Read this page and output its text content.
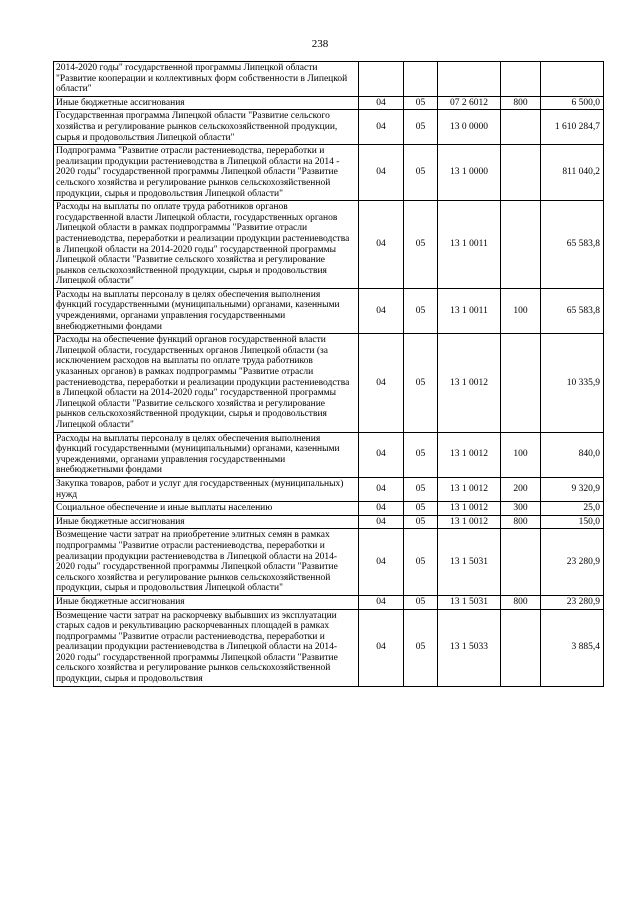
238
2014-2020 годы" государственной программы Липецкой области "Развитие кооперации и коллективных форм собственности в Липецкой области"					
Иные бюджетные ассигнования	04	05	07 2 6012	800	6 500,0
Государственная программа Липецкой области "Развитие сельского хозяйства и регулирование рынков сельскохозяйственной продукции, сырья и продовольствия Липецкой области"	04	05	13 0 0000		1 610 284,7
Подпрограмма "Развитие отрасли растениеводства, переработки и реализации продукции растениеводства в Липецкой области на 2014 - 2020 годы" государственной программы Липецкой области "Развитие сельского хозяйства и регулирование рынков сельскохозяйственной продукции, сырья и продовольствия Липецкой области"	04	05	13 1 0000		811 040,2
Расходы на выплаты по оплате труда работников органов государственной власти Липецкой области, государственных органов Липецкой области в рамках подпрограммы "Развитие отрасли растениеводства, переработки и реализации продукции растениеводства в Липецкой области на 2014-2020 годы" государственной программы Липецкой области "Развитие сельского хозяйства и регулирование рынков сельскохозяйственной продукции, сырья и продовольствия Липецкой области"	04	05	13 1 0011		65 583,8
Расходы на выплаты персоналу в целях обеспечения выполнения функций государственными (муниципальными) органами, казенными учреждениями, органами управления государственными внебюджетными фондами	04	05	13 1 0011	100	65 583,8
Расходы на обеспечение функций органов государственной власти Липецкой области, государственных органов Липецкой области (за исключением расходов на выплаты по оплате труда работников указанных органов) в рамках подпрограммы "Развитие отрасли растениеводства, переработки и реализации продукции растениеводства в Липецкой области на 2014-2020 годы" государственной программы Липецкой области "Развитие сельского хозяйства и регулирование рынков сельскохозяйственной продукции, сырья и продовольствия Липецкой области"	04	05	13 1 0012		10 335,9
Расходы на выплаты персоналу в целях обеспечения выполнения функций государственными (муниципальными) органами, казенными учреждениями, органами управления государственными внебюджетными фондами	04	05	13 1 0012	100	840,0
Закупка товаров, работ и услуг для государственных (муниципальных) нужд	04	05	13 1 0012	200	9 320,9
Социальное обеспечение и иные выплаты населению	04	05	13 1 0012	300	25,0
Иные бюджетные ассигнования	04	05	13 1 0012	800	150,0
Возмещение части затрат на приобретение элитных семян в рамках подпрограммы "Развитие отрасли растениеводства, переработки и реализации продукции растениеводства в Липецкой области на 2014-2020 годы" государственной программы Липецкой области "Развитие сельского хозяйства и регулирование рынков сельскохозяйственной продукции, сырья и продовольствия Липецкой области"	04	05	13 1 5031		23 280,9
Иные бюджетные ассигнования	04	05	13 1 5031	800	23 280,9
Возмещение части затрат на раскорчевку выбывших из эксплуатации старых садов и рекультивацию раскорчеванных площадей в рамках подпрограммы "Развитие отрасли растениеводства, переработки и реализации продукции растениеводства в Липецкой области на 2014-2020 годы" государственной программы Липецкой области "Развитие сельского хозяйства и регулирование рынков сельскохозяйственной продукции, сырья и продовольствия	04	05	13 1 5033		3 885,4
